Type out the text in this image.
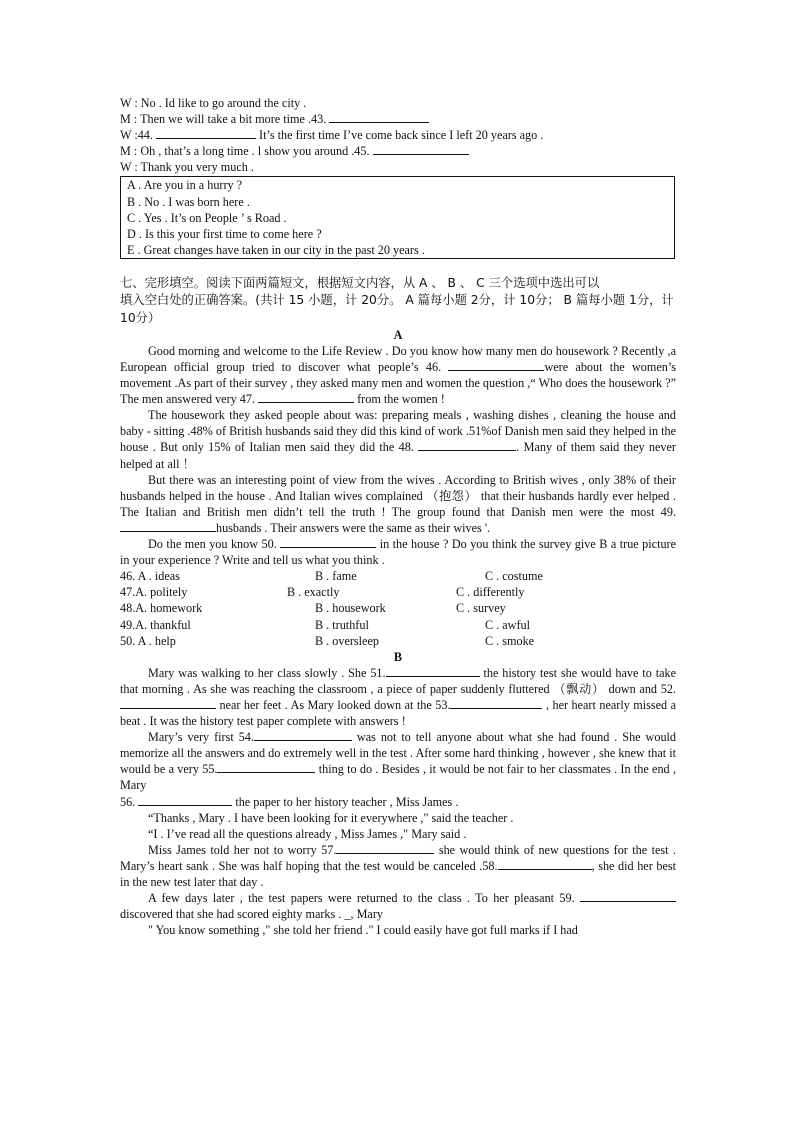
W : No . Id like to go around the city .
M : Then we will take a bit more time .43.
W :44.	It’s the first time I’ve come back since I left 20 years ago .
M : Oh , that’s a long time . l show you around .45.
W : Thank you very much .
A . Are you in a hurry ?
B . No . I was born here .
C . Yes . It’s on People ’ s Road .
D . Is this your first time to come here ?
E . Great changes have taken in our city in the past 20 years .
七、完形填空。阅读下面两篇短文，根据短文内容，从 A 、 B 、 C 三个选项中选出可以
填入空白处的正确答案。(共计 15 小题，计 20分。 A 篇每小题 2分，计 10分； B 篇每小题 1分，计 10分）
A
Good morning and welcome to the Life Review . Do you know how many men do housework ? Recently ,a European official group tried to discover what people’s 46.	were about the women’s movement .As part of their survey , they asked many men and women the question ,“ Who does the housework ?” The men answered very 47.	from the women !
The housework they asked people about was: preparing meals , washing dishes , cleaning the house and baby - sitting .48% of British husbands said they did this kind of work .51%of Danish men said they helped in the house . But only 15% of Italian men said they did the 48.	. Many of them said they never helped at all ！
But there was an interesting point of view from the wives . According to British wives , only 38% of their husbands helped in the house . And Italian wives complained （抱怨） that their husbands hardly ever helped . The Italian and British men didn’t tell the truth ! The group found that Danish men were the most 49. husbands . Their answers were the same as their wives '.
Do the men you know 50.	in the house ? Do you think the survey give B a true picture in your experience ? Write and tell us what you think .
46. A . ideas	B . fame	C . costume
47.A. politely	B . exactly	C . differently
48.A. homework	B . housework	C . survey
49.A. thankful	B . truthful	C . awful
50. A . help	B . oversleep	C . smoke
B
Mary was walking to her class slowly . She 51.	the history test she would have to take that morning . As she was reaching the classroom , a piece of paper suddenly fluttered （飘动） down and 52. near her feet . As Mary looked down at the 53.	, her heart nearly missed a beat . It was the history test paper complete with answers !
Mary’s very first 54.	was not to tell anyone about what she had found . She would memorize all the answers and do extremely well in the test . After some hard thinking , however , she knew that it would be a very 55.	thing to do . Besides , it would be not fair to her classmates . In the end , Mary
56.	the paper to her history teacher , Miss James .
“Thanks , Mary . I have been looking for it everywhere ," said the teacher .
“I . I’ve read all the questions already , Miss James ," Mary said .
Miss James told her not to worry 57.	she would think of new questions for the test . Mary’s heart sank . She was half hoping that the test would be canceled .58.	, she did her best in the new test later that day .
A few days later , the test papers were returned to the class . To her pleasant 59. discovered that she had scored eighty marks . _, Mary
" You know something ," she told her friend ." I could easily have got full marks if I had
